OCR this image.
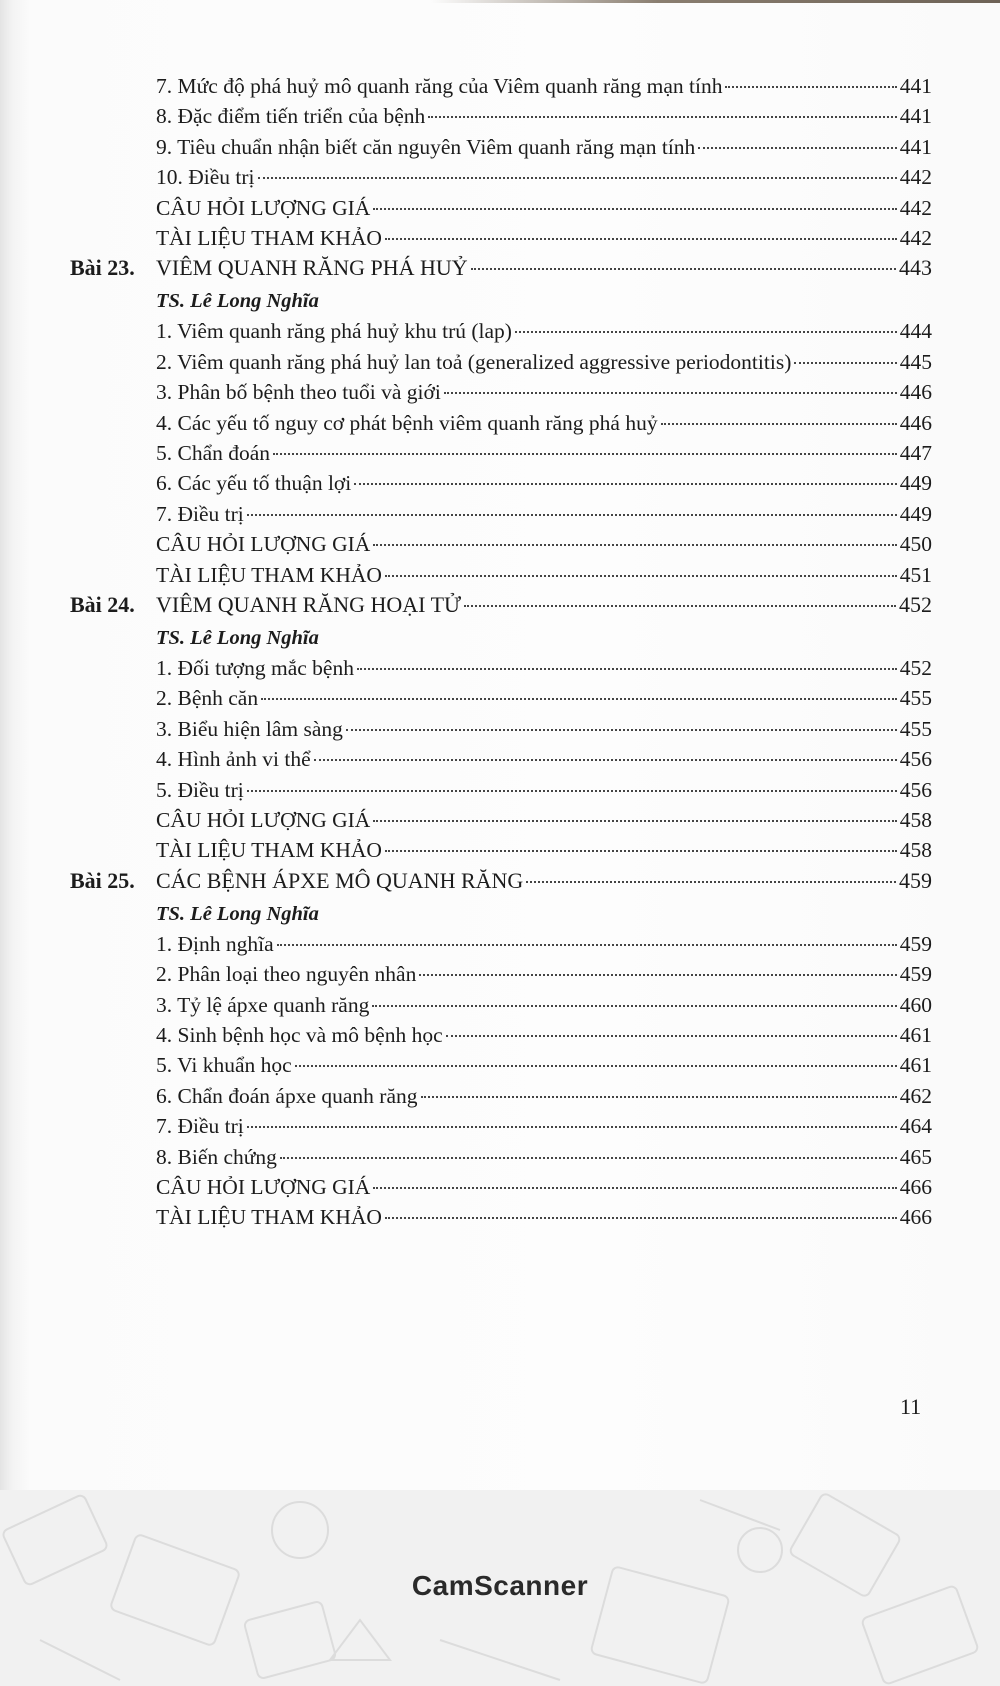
7. Mức độ phá huỷ mô quanh răng của Viêm quanh răng mạn tính	441
8. Đặc điểm tiến triển của bệnh	441
9. Tiêu chuẩn nhận biết căn nguyên Viêm quanh răng mạn tính	441
10. Điều trị	442
CÂU HỎI LƯỢNG GIÁ	442
TÀI LIỆU THAM KHẢO	442
Bài 23. VIÊM QUANH RĂNG PHÁ HUỶ	443
TS. Lê Long Nghĩa
1. Viêm quanh răng phá huỷ khu trú (lap)	444
2. Viêm quanh răng phá huỷ lan toả (generalized aggressive periodontitis)	445
3. Phân bố bệnh theo tuổi và giới	446
4. Các yếu tố nguy cơ phát bệnh viêm quanh răng phá huỷ	446
5. Chẩn đoán	447
6. Các yếu tố thuận lợi	449
7. Điều trị	449
CÂU HỎI LƯỢNG GIÁ	450
TÀI LIỆU THAM KHẢO	451
Bài 24. VIÊM QUANH RĂNG HOẠI TỬ	452
TS. Lê Long Nghĩa
1. Đối tượng mắc bệnh	452
2. Bệnh căn	455
3. Biểu hiện lâm sàng	455
4. Hình ảnh vi thể	456
5. Điều trị	456
CÂU HỎI LƯỢNG GIÁ	458
TÀI LIỆU THAM KHẢO	458
Bài 25. CÁC BỆNH ÁPXE MÔ QUANH RĂNG	459
TS. Lê Long Nghĩa
1. Định nghĩa	459
2. Phân loại theo nguyên nhân	459
3. Tỷ lệ ápxe quanh răng	460
4. Sinh bệnh học và mô bệnh học	461
5. Vi khuẩn học	461
6. Chẩn đoán ápxe quanh răng	462
7. Điều trị	464
8. Biến chứng	465
CÂU HỎI LƯỢNG GIÁ	466
TÀI LIỆU THAM KHẢO	466
11
CamScanner
